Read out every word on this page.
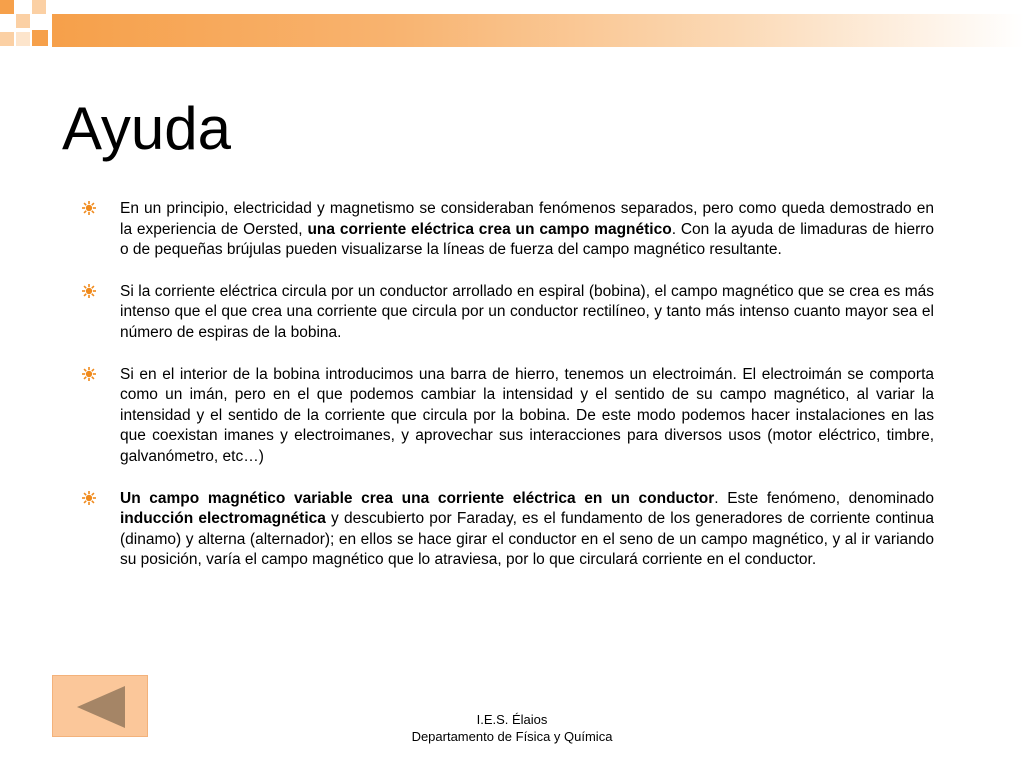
Ayuda

En un principio, electricidad y magnetismo se consideraban fenómenos separados, pero como queda demostrado en la experiencia de Oersted, una corriente eléctrica crea un campo magnético. Con la ayuda de limaduras de hierro o de pequeñas brújulas pueden visualizarse la líneas de fuerza del campo magnético resultante.

Si la corriente eléctrica circula por un conductor arrollado en espiral (bobina), el campo magnético que se crea es más intenso que el que crea una corriente que circula por un conductor rectilíneo, y tanto más intenso cuanto mayor sea el número de espiras de la bobina.

Si en el interior de la bobina introducimos una barra de hierro, tenemos un electroimán. El electroimán se comporta como un imán, pero en el que podemos cambiar la intensidad y el sentido de su campo magnético, al variar la intensidad y el sentido de la corriente que circula por la bobina. De este modo podemos hacer instalaciones en las que coexistan imanes y electroimanes, y aprovechar sus interacciones para diversos usos (motor eléctrico, timbre, galvanómetro, etc…)

Un campo magnético variable crea una corriente eléctrica en un conductor. Este fenómeno, denominado inducción electromagnética y descubierto por Faraday, es el fundamento de los generadores de corriente continua (dinamo) y alterna (alternador); en ellos se hace girar el conductor en el seno de un campo magnético, y al ir variando su posición, varía el campo magnético que lo atraviesa, por lo que circulará corriente en el conductor.

I.E.S. Élaios
Departamento de Física y Química
